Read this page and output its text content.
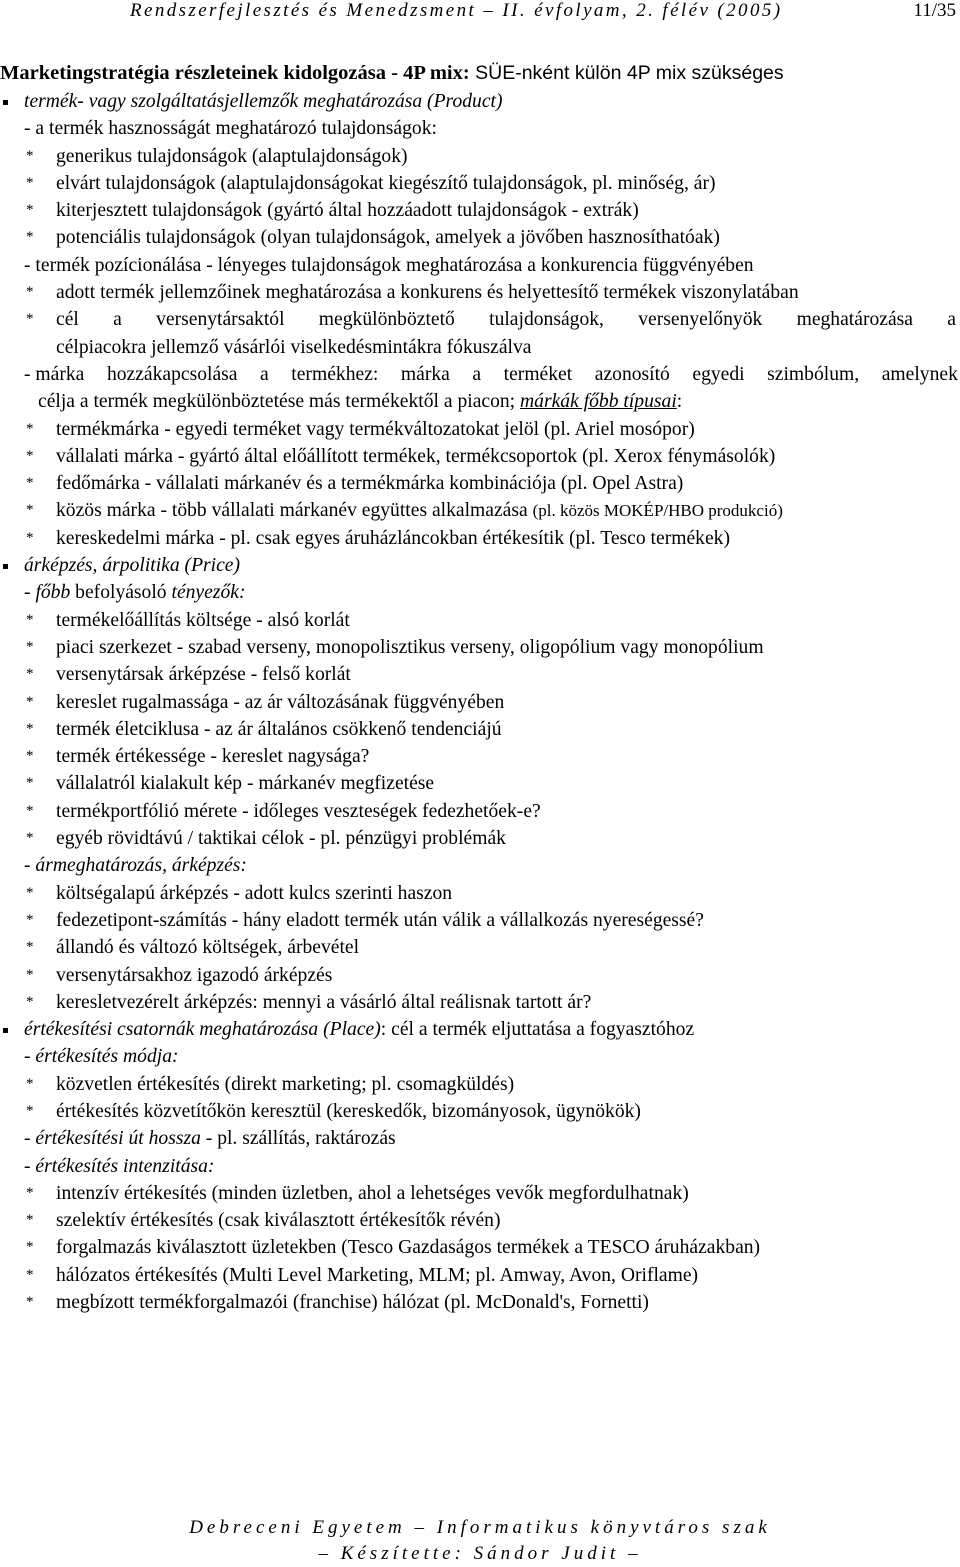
Rendszerfejlesztés és Menedzsment – II. évfolyam, 2. félév (2005)	11/35
Marketingstratégia részleteinek kidolgozása - 4P mix: SÜE-nként külön 4P mix szükséges
termék- vagy szolgáltatásjellemzők meghatározása (Product)
- a termék hasznosságát meghatározó tulajdonságok:
* generikus tulajdonságok (alaptulajdonságok)
* elvárt tulajdonságok (alaptulajdonságokat kiegészítő tulajdonságok, pl. minőség, ár)
* kiterjesztett tulajdonságok (gyártó által hozzáadott tulajdonságok - extrák)
* potenciális tulajdonságok (olyan tulajdonságok, amelyek a jövőben hasznosíthatóak)
- termék pozícionálása - lényeges tulajdonságok meghatározása a konkurencia függvényében
* adott termék jellemzőinek meghatározása a konkurens és helyettesítő termékek viszonylatában
* cél a versenytársaktól megkülönböztető tulajdonságok, versenyelőnyök meghatározása a
célpiacokra jellemző vásárlói viselkedésmintákra fókuszálva
- márka hozzákapcsolása a termékhez: márka a terméket azonosító egyedi szimbólum, amelynek
célja a termék megkülönböztetése más termékektől a piacon; márkák főbb típusai:
* termékmárka - egyedi terméket vagy termékváltozatokat jelöl (pl. Ariel mosópor)
* vállalati márka - gyártó által előállított termékek, termékcsoportok (pl. Xerox fénymásolók)
* fedőmárka - vállalati márkanév és a termékmárka kombinációja (pl. Opel Astra)
* közös márka - több vállalati márkanév együttes alkalmazása (pl. közös MOKÉP/HBO produkció)
* kereskedelmi márka - pl. csak egyes áruházláncokban értékesítik (pl. Tesco termékek)
árképzés, árpolitika (Price)
- főbb befolyásoló tényezők:
* termékelőállítás költsége - alsó korlát
* piaci szerkezet - szabad verseny, monopolisztikus verseny, oligopólium vagy monopólium
* versenytársak árképzése - felső korlát
* kereslet rugalmassága - az ár változásának függvényében
* termék életciklusa - az ár általános csökkenő tendenciájú
* termék értékessége - kereslet nagysága?
* vállalatról kialakult kép - márkanév megfizetése
* termékportfólió mérete - időleges veszteségek fedezhetőek-e?
* egyéb rövidtávú / taktikai célok - pl. pénzügyi problémák
- ármeghatározás, árképzés:
* költségalapú árképzés - adott kulcs szerinti haszon
* fedezetipont-számítás - hány eladott termék után válik a vállalkozás nyereségessé?
* állandó és változó költségek, árbevétel
* versenytársakhoz igazodó árképzés
* keresletvezérelt árképzés: mennyi a vásárló által reálisnak tartott ár?
értékesítési csatornák meghatározása (Place): cél a termék eljuttatása a fogyasztóhoz
- értékesítés módja:
* közvetlen értékesítés (direkt marketing; pl. csomagküldés)
* értékesítés közvetítőkön keresztül (kereskedők, bizományosok, ügynökök)
- értékesítési út hossza - pl. szállítás, raktározás
- értékesítés intenzitása:
* intenzív értékesítés (minden üzletben, ahol a lehetséges vevők megfordulhatnak)
* szelektív értékesítés (csak kiválasztott értékesítők révén)
* forgalmazás kiválasztott üzletekben (Tesco Gazdaságos termékek a TESCO áruházakban)
* hálózatos értékesítés (Multi Level Marketing, MLM; pl. Amway, Avon, Oriflame)
* megbízott termékforgalmazói (franchise) hálózat (pl. McDonald's, Fornetti)
Debreceni Egyetem – Informatikus könyvtáros szak
– Készítette: Sándor Judit –
